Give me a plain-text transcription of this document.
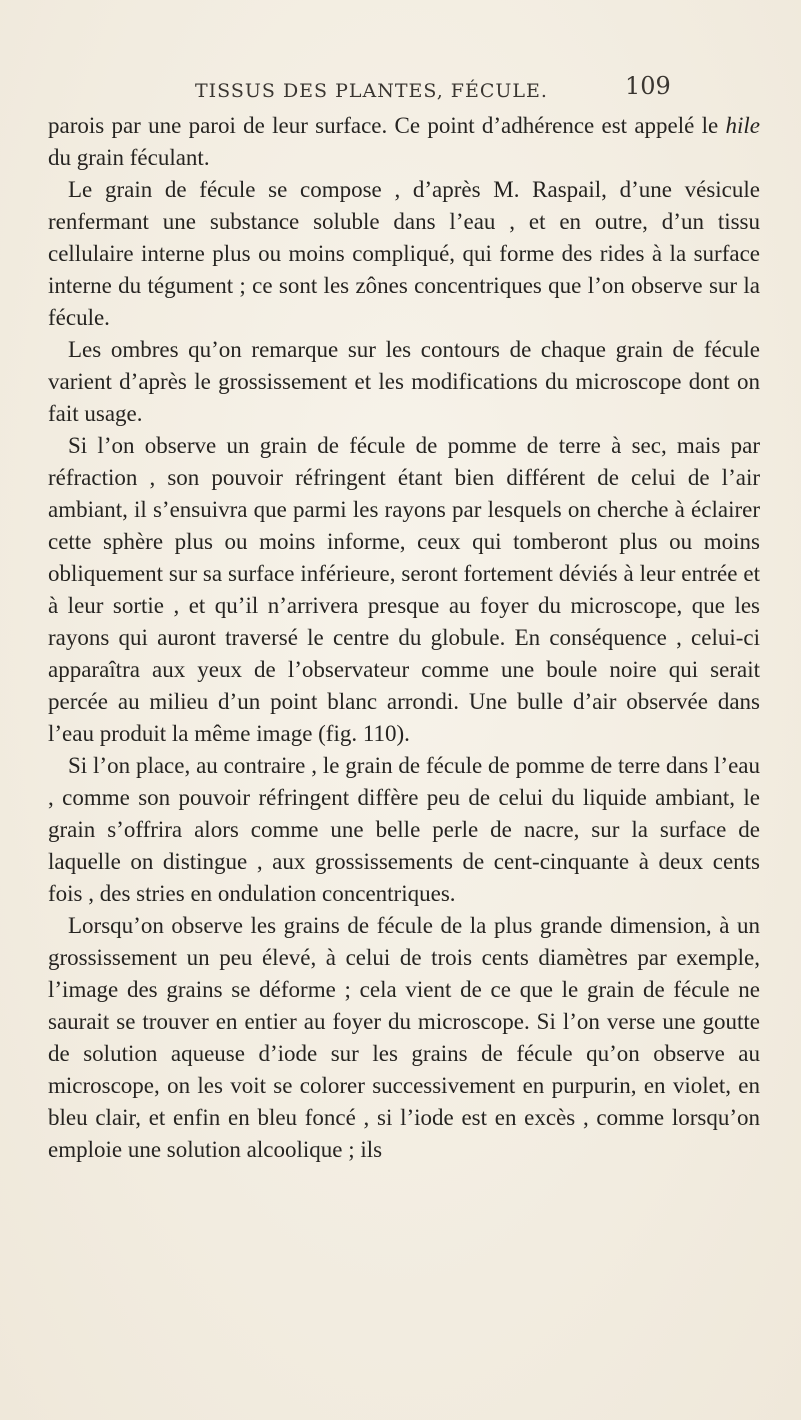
TISSUS DES PLANTES, FÉCULE.	109

parois par une paroi de leur surface. Ce point d’adhérence est appelé le hile du grain féculant.

Le grain de fécule se compose , d’après M. Raspail, d’une vésicule renfermant une substance soluble dans l’eau , et en outre, d’un tissu cellulaire interne plus ou moins compliqué, qui forme des rides à la surface interne du tégument ; ce sont les zônes concentriques que l’on observe sur la fécule.

Les ombres qu’on remarque sur les contours de chaque grain de fécule varient d’après le grossissement et les modifications du microscope dont on fait usage.

Si l’on observe un grain de fécule de pomme de terre à sec, mais par réfraction , son pouvoir réfringent étant bien différent de celui de l’air ambiant, il s’ensuivra que parmi les rayons par lesquels on cherche à éclairer cette sphère plus ou moins informe, ceux qui tomberont plus ou moins obliquement sur sa surface inférieure, seront fortement déviés à leur entrée et à leur sortie , et qu’il n’arrivera presque au foyer du microscope, que les rayons qui auront traversé le centre du globule. En conséquence , celui-ci apparaîtra aux yeux de l’observateur comme une boule noire qui serait percée au milieu d’un point blanc arrondi. Une bulle d’air observée dans l’eau produit la même image (fig. 110).

Si l’on place, au contraire , le grain de fécule de pomme de terre dans l’eau , comme son pouvoir réfringent diffère peu de celui du liquide ambiant, le grain s’offrira alors comme une belle perle de nacre, sur la surface de laquelle on distingue , aux grossissements de cent-cinquante à deux cents fois , des stries en ondulation concentriques.

Lorsqu’on observe les grains de fécule de la plus grande dimension, à un grossissement un peu élevé, à celui de trois cents diamètres par exemple, l’image des grains se déforme ; cela vient de ce que le grain de fécule ne saurait se trouver en entier au foyer du microscope. Si l’on verse une goutte de solution aqueuse d’iode sur les grains de fécule qu’on observe au microscope, on les voit se colorer successivement en purpurin, en violet, en bleu clair, et enfin en bleu foncé , si l’iode est en excès , comme lorsqu’on emploie une solution alcoolique ; ils
